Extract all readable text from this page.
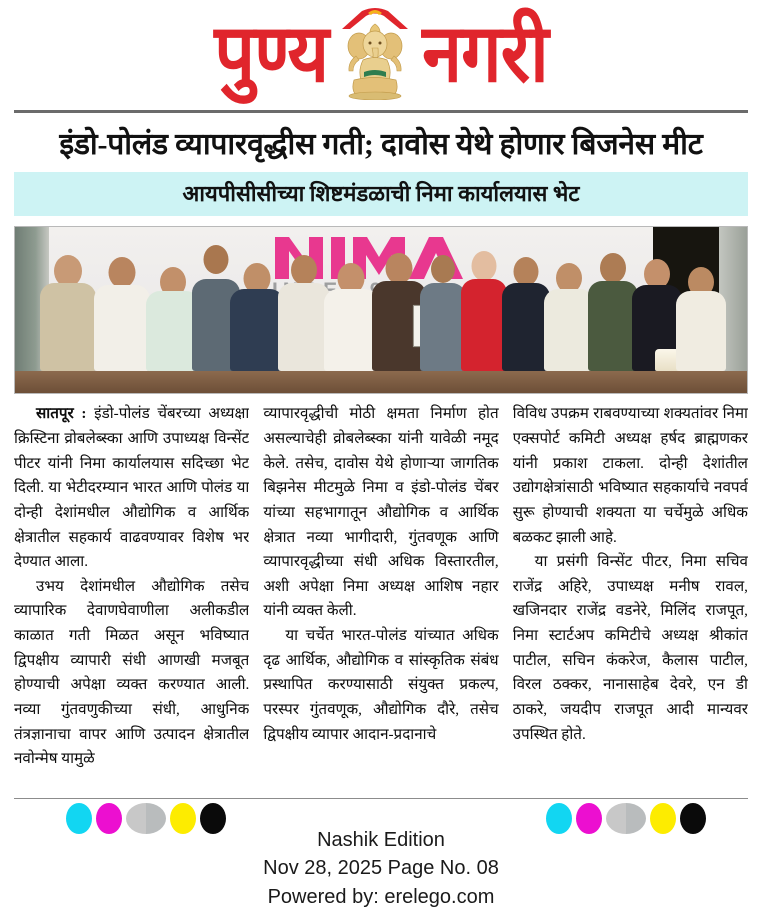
पुण्य नगरी
इंडो-पोलंड व्यापारवृद्धीस गती; दावोस येथे होणार बिजनेस मीट
आयपीसीसीच्या शिष्टमंडळाची निमा कार्यालयास भेट

सातपूर : इंडो-पोलंड चेंबरच्या अध्यक्षा क्रिस्टिना व्रोबलेब्स्का आणि उपाध्यक्ष विन्सेंट पीटर यांनी निमा कार्यालयास सदिच्छा भेट दिली. या भेटीदरम्यान भारत आणि पोलंड या दोन्ही देशांमधील औद्योगिक व आर्थिक क्षेत्रातील सहकार्य वाढवण्यावर विशेष भर देण्यात आला.

उभय देशांमधील औद्योगिक तसेच व्यापारिक देवाणघेवाणीला अलीकडील काळात गती मिळत असून भविष्यात द्विपक्षीय व्यापारी संधी आणखी मजबूत होण्याची अपेक्षा व्यक्त करण्यात आली. नव्या गुंतवणुकीच्या संधी, आधुनिक तंत्रज्ञानाचा वापर आणि उत्पादन क्षेत्रातील नवोन्मेष यामुळे

व्यापारवृद्धीची मोठी क्षमता निर्माण होत असल्याचेही व्रोबलेब्स्का यांनी यावेळी नमूद केले. तसेच, दावोस येथे होणाऱ्या जागतिक बिझनेस मीटमुळे निमा व इंडो-पोलंड चेंबर यांच्या सहभागातून औद्योगिक व आर्थिक क्षेत्रात नव्या भागीदारी, गुंतवणूक आणि व्यापारवृद्धीच्या संधी अधिक विस्तारतील, अशी अपेक्षा निमा अध्यक्ष आशिष नहार यांनी व्यक्त केली.

या चर्चेत भारत-पोलंड यांच्यात अधिक दृढ आर्थिक, औद्योगिक व सांस्कृतिक संबंध प्रस्थापित करण्यासाठी संयुक्त प्रकल्प, परस्पर गुंतवणूक, औद्योगिक दौरे, तसेच द्विपक्षीय व्यापार आदान-प्रदानाचे

विविध उपक्रम राबवण्याच्या शक्यतांवर निमा एक्सपोर्ट कमिटी अध्यक्ष हर्षद ब्राह्मणकर यांनी प्रकाश टाकला. दोन्ही देशांतील उद्योगक्षेत्रांसाठी भविष्यात सहकार्याचे नवपर्व सुरू होण्याची शक्यता या चर्चेमुळे अधिक बळकट झाली आहे.

या प्रसंगी विन्सेंट पीटर, निमा सचिव राजेंद्र अहिरे, उपाध्यक्ष मनीष रावल, खजिनदार राजेंद्र वडनेरे, मिलिंद राजपूत, निमा स्टार्टअप कमिटीचे अध्यक्ष श्रीकांत पाटील, सचिन कंकरेज, कैलास पाटील, विरल ठक्कर, नानासाहेब देवरे, एन डी ठाकरे, जयदीप राजपूत आदी मान्यवर उपस्थित होते.

Nashik Edition
Nov 28, 2025 Page No. 08
Powered by: erelego.com
